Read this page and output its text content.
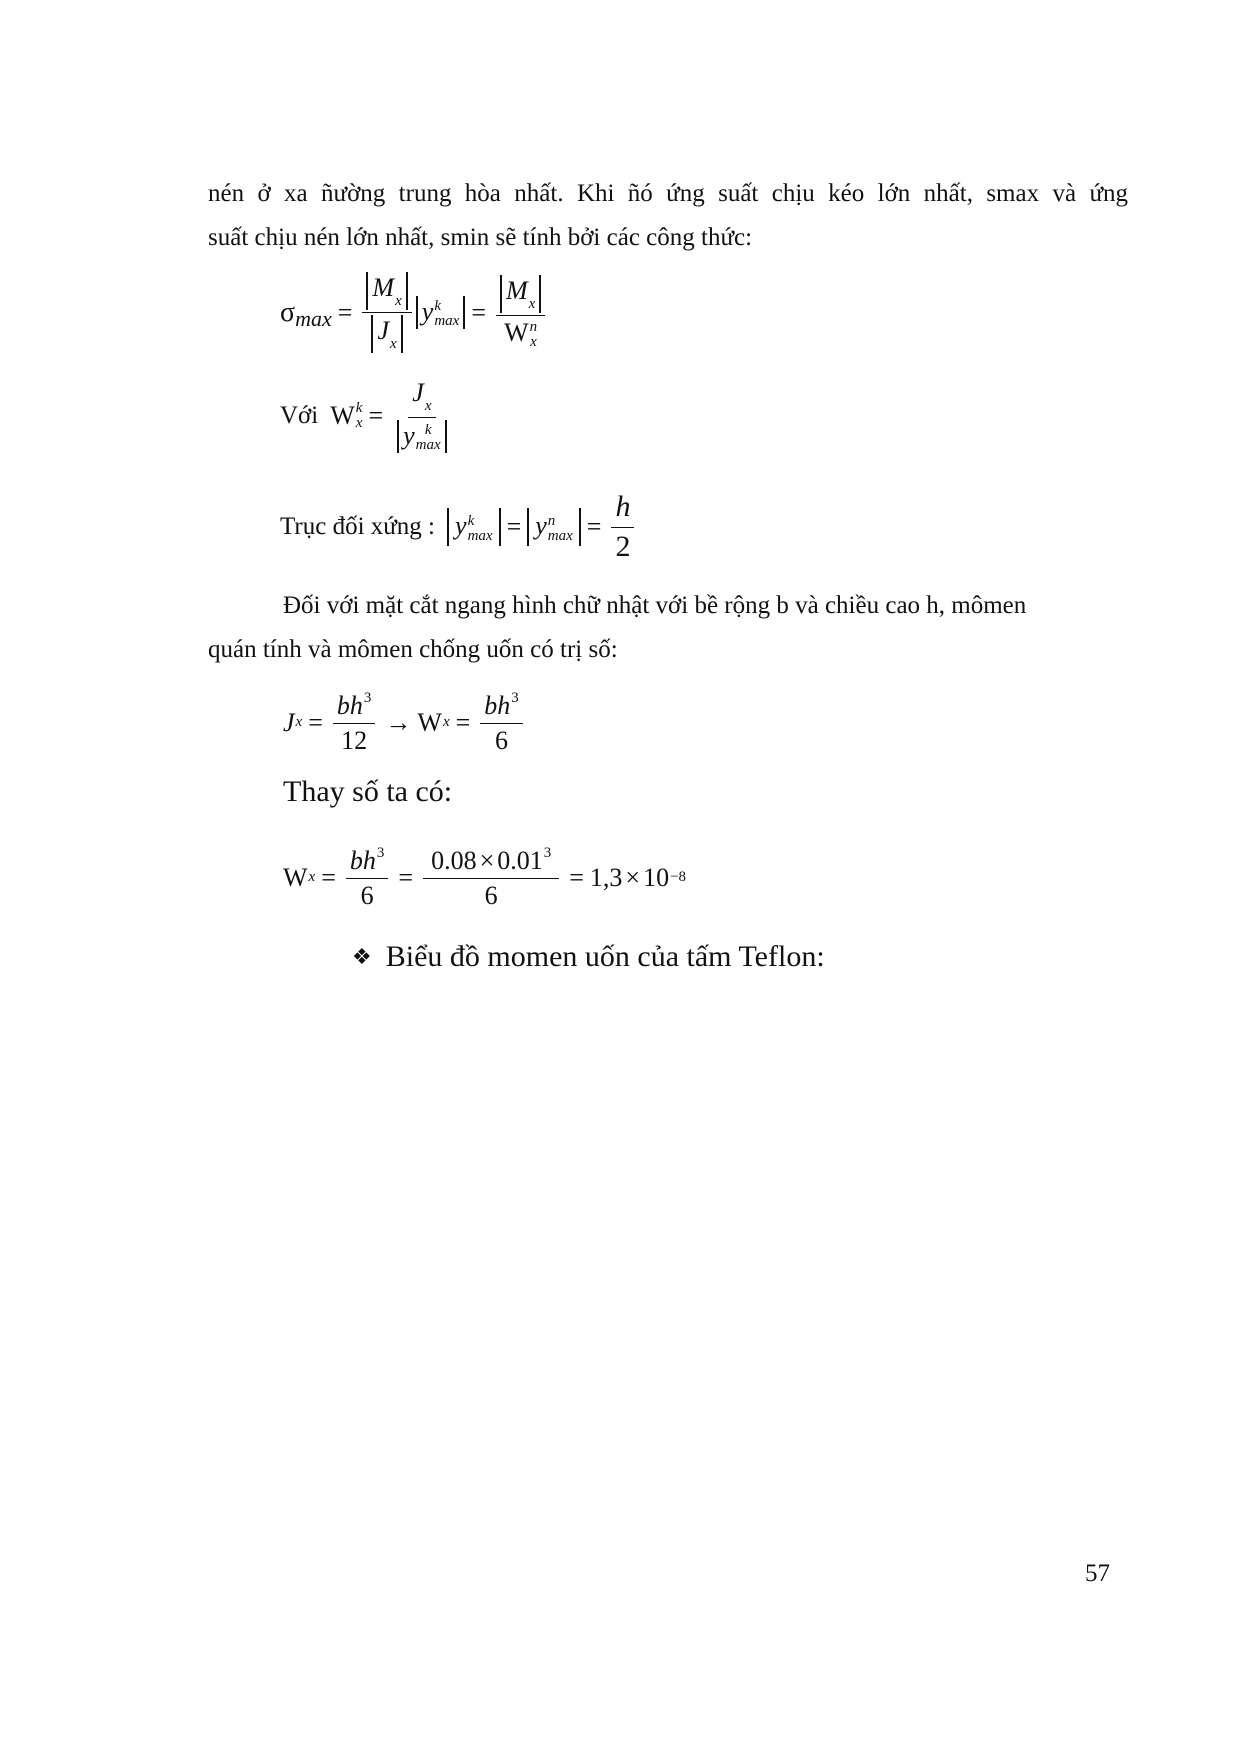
nén ở xa ñường trung hòa nhất. Khi ñó ứng suất chịu kéo lớn nhất, smax và ứng
suất chịu nén lớn nhất, smin sẽ tính bởi các công thức:
σ $\max = \frac{M_x}{J_x}$ y k
$\max = M_x$
W n
x
Với W k
$x = J_x$
y k
max
Trục đối xứng : y k
max = y n
$\max = \frac{h}{2}$
Đối với mặt cắt ngang hình chữ nhật với bề rộng b và chiều cao h, mômen
quán tính và mômen chống uốn có trị số:
J $x = \frac{bh^3}{12} \to W$ $x = \frac{bh^3}{6}$
Thay số ta có:
W $x = \frac{bh^3}{6} = \frac{0.08 \times 0.01^3}{6} = 1,3 \times 10 -8$
❖ Biểu đồ momen uốn của tấm Teflon:
57
